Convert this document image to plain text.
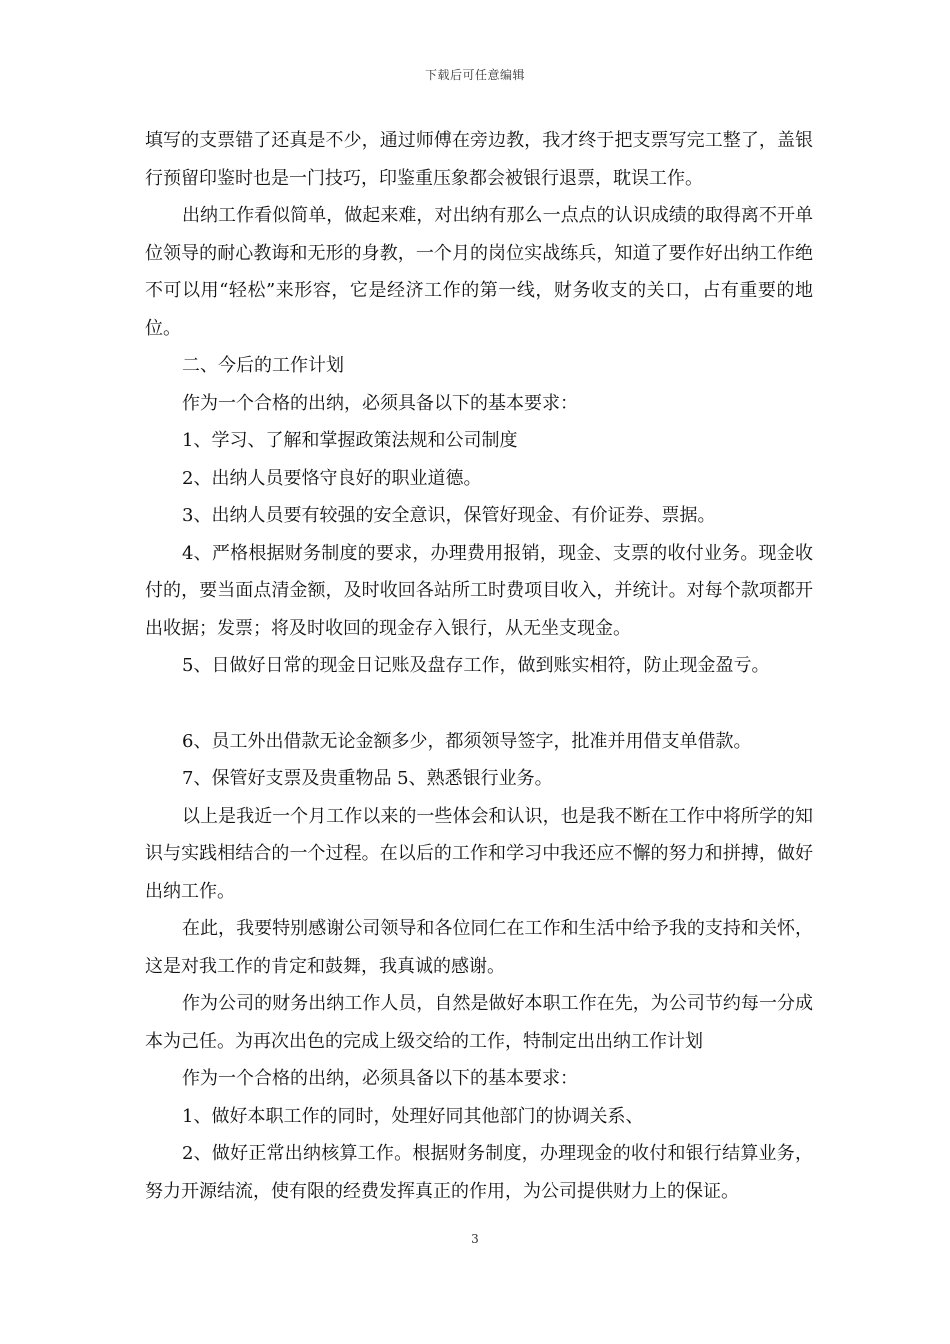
下载后可任意编辑

填写的支票错了还真是不少，通过师傅在旁边教，我才终于把支票写完工整了，盖银行预留印鉴时也是一门技巧，印鉴重压象都会被银行退票，耽误工作。

出纳工作看似简单，做起来难，对出纳有那么一点点的认识成绩的取得离不开单位领导的耐心教诲和无形的身教，一个月的岗位实战练兵，知道了要作好出纳工作绝不可以用“轻松”来形容，它是经济工作的第一线，财务收支的关口，占有重要的地位。

二、今后的工作计划

作为一个合格的出纳，必须具备以下的基本要求：

1、学习、了解和掌握政策法规和公司制度

2、出纳人员要恪守良好的职业道德。

3、出纳人员要有较强的安全意识，保管好现金、有价证券、票据。

4、严格根据财务制度的要求，办理费用报销，现金、支票的收付业务。现金收付的，要当面点清金额，及时收回各站所工时费项目收入，并统计。对每个款项都开出收据；发票；将及时收回的现金存入银行，从无坐支现金。

5、日做好日常的现金日记账及盘存工作，做到账实相符，防止现金盈亏。

6、员工外出借款无论金额多少，都须领导签字，批准并用借支单借款。

7、保管好支票及贵重物品 5、熟悉银行业务。

以上是我近一个月工作以来的一些体会和认识，也是我不断在工作中将所学的知识与实践相结合的一个过程。在以后的工作和学习中我还应不懈的努力和拼搏，做好出纳工作。

在此，我要特别感谢公司领导和各位同仁在工作和生活中给予我的支持和关怀，这是对我工作的肯定和鼓舞，我真诚的感谢。

作为公司的财务出纳工作人员，自然是做好本职工作在先，为公司节约每一分成本为己任。为再次出色的完成上级交给的工作，特制定出出纳工作计划

作为一个合格的出纳，必须具备以下的基本要求：

1、做好本职工作的同时，处理好同其他部门的协调关系、

2、做好正常出纳核算工作。根据财务制度，办理现金的收付和银行结算业务，努力开源结流，使有限的经费发挥真正的作用，为公司提供财力上的保证。

3
